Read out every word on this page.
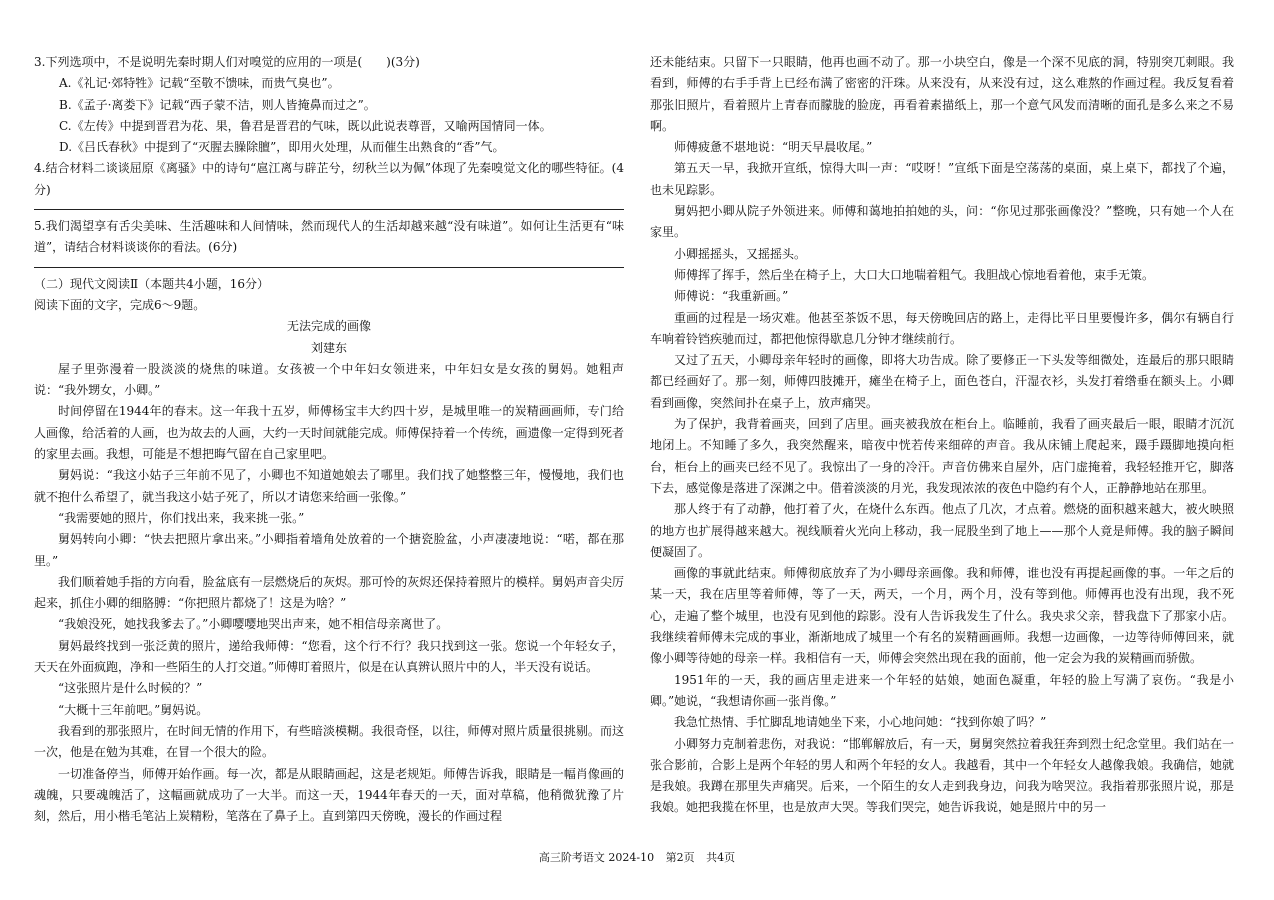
3.下列选项中，不是说明先秦时期人们对嗅觉的应用的一项是(　　)(3分)

A.《礼记·郊特牲》记载“至敬不馈味，而贵气臭也”。

B.《孟子·离娄下》记载“西子蒙不洁，则人皆掩鼻而过之”。

C.《左传》中提到晋君为花、果，鲁君是晋君的气味，既以此说表尊晋，又喻两国情同一体。

D.《吕氏春秋》中提到了“灭腥去臊除膻”，即用火处理，从而催生出熟食的“香”气。

4.结合材料二谈谈屈原《离骚》中的诗句“扈江离与辟芷兮，纫秋兰以为佩”体现了先秦嗅觉文化的哪些特征。(4分)

5.我们渴望享有舌尖美味、生活趣味和人间情味，然而现代人的生活却越来越“没有味道”。如何让生活更有“味道”，请结合材料谈谈你的看法。(6分)

（二）现代文阅读Ⅱ（本题共4小题，16分）

阅读下面的文字，完成6～9题。

无法完成的画像

刘建东

屋子里弥漫着一股淡淡的烧焦的味道。女孩被一个中年妇女领进来，中年妇女是女孩的舅妈。她粗声说：“我外甥女，小卿。”

时间停留在1944年的春末。这一年我十五岁，师傅杨宝丰大约四十岁，是城里唯一的炭精画画师，专门给人画像，给活着的人画，也为故去的人画，大约一天时间就能完成。师傅保持着一个传统，画遗像一定得到死者的家里去画。我想，可能是不想把晦气留在自己家里吧。

舅妈说：“我这小姑子三年前不见了，小卿也不知道她娘去了哪里。我们找了她整整三年，慢慢地，我们也就不抱什么希望了，就当我这小姑子死了，所以才请您来给画一张像。”

“我需要她的照片，你们找出来，我来挑一张。”

舅妈转向小卿：“快去把照片拿出来。”小卿指着墙角处放着的一个搪瓷脸盆，小声凄凄地说：“喏，都在那里。”

我们顺着她手指的方向看，脸盆底有一层燃烧后的灰烬。那可怜的灰烬还保持着照片的模样。舅妈声音尖厉起来，抓住小卿的细胳膊：“你把照片都烧了！这是为啥？”

“我娘没死，她找我爹去了。”小卿嘤嘤地哭出声来，她不相信母亲离世了。

舅妈最终找到一张泛黄的照片，递给我师傅：“您看，这个行不行？我只找到这一张。您说一个年轻女子，天天在外面疯跑，净和一些陌生的人打交道。”师傅盯着照片，似是在认真辨认照片中的人，半天没有说话。

“这张照片是什么时候的？”

“大概十三年前吧。”舅妈说。

我看到的那张照片，在时间无情的作用下，有些暗淡模糊。我很奇怪，以往，师傅对照片质量很挑剔。而这一次，他是在勉为其难，在冒一个很大的险。

一切准备停当，师傅开始作画。每一次，都是从眼睛画起，这是老规矩。师傅告诉我，眼睛是一幅肖像画的魂魄，只要魂魄活了，这幅画就成功了一大半。而这一天，1944年春天的一天，面对草稿，他稍微犹豫了片刻，然后，用小楷毛笔沾上炭精粉，笔落在了鼻子上。直到第四天傍晚，漫长的作画过程

还未能结束。只留下一只眼睛，他再也画不动了。那一小块空白，像是一个深不见底的洞，特别突兀刺眼。我看到，师傅的右手手背上已经布满了密密的汗珠。从来没有，从来没有过，这么难熬的作画过程。我反复看着那张旧照片，看着照片上青春而朦胧的脸庞，再看着素描纸上，那一个意气风发而清晰的面孔是多么来之不易啊。

师傅疲惫不堪地说：“明天早晨收尾。”

第五天一早，我掀开宣纸，惊得大叫一声：“哎呀！”宣纸下面是空荡荡的桌面，桌上桌下，都找了个遍，也未见踪影。

舅妈把小卿从院子外领进来。师傅和蔼地拍拍她的头，问：“你见过那张画像没？”整晚，只有她一个人在家里。

小卿摇摇头，又摇摇头。

师傅挥了挥手，然后坐在椅子上，大口大口地喘着粗气。我胆战心惊地看着他，束手无策。

师傅说：“我重新画。”

重画的过程是一场灾难。他甚至茶饭不思，每天傍晚回店的路上，走得比平日里要慢许多，偶尔有辆自行车响着铃铛疾驰而过，都把他惊得歇息几分钟才继续前行。

又过了五天，小卿母亲年轻时的画像，即将大功告成。除了要修正一下头发等细微处，连最后的那只眼睛都已经画好了。那一刻，师傅四肢摊开，瘫坐在椅子上，面色苍白，汗湿衣衫，头发打着绺垂在额头上。小卿看到画像，突然间扑在桌子上，放声痛哭。

为了保护，我背着画夹，回到了店里。画夹被我放在柜台上。临睡前，我看了画夹最后一眼，眼睛才沉沉地闭上。不知睡了多久，我突然醒来，暗夜中恍若传来细碎的声音。我从床铺上爬起来，蹑手蹑脚地摸向柜台，柜台上的画夹已经不见了。我惊出了一身的冷汗。声音仿佛来自屋外，店门虚掩着，我轻轻推开它，脚落下去，感觉像是落进了深渊之中。借着淡淡的月光，我发现浓浓的夜色中隐约有个人，正静静地站在那里。

那人终于有了动静，他打着了火，在烧什么东西。他点了几次，才点着。燃烧的面积越来越大，被火映照的地方也扩展得越来越大。视线顺着火光向上移动，我一屁股坐到了地上——那个人竟是师傅。我的脑子瞬间便凝固了。

画像的事就此结束。师傅彻底放弃了为小卿母亲画像。我和师傅，谁也没有再提起画像的事。一年之后的某一天，我在店里等着师傅，等了一天，两天，一个月，两个月，没有等到他。师傅再也没有出现，我不死心，走遍了整个城里，也没有见到他的踪影。没有人告诉我发生了什么。我央求父亲，替我盘下了那家小店。我继续着师傅未完成的事业，渐渐地成了城里一个有名的炭精画画师。我想一边画像，一边等待师傅回来，就像小卿等待她的母亲一样。我相信有一天，师傅会突然出现在我的面前，他一定会为我的炭精画而骄傲。

1951年的一天，我的画店里走进来一个年轻的姑娘，她面色凝重，年轻的脸上写满了哀伤。“我是小卿。”她说，“我想请你画一张肖像。”

我急忙热情、手忙脚乱地请她坐下来，小心地问她：“找到你娘了吗？”

小卿努力克制着悲伤，对我说：“邯郸解放后，有一天，舅舅突然拉着我狂奔到烈士纪念堂里。我们站在一张合影前，合影上是两个年轻的男人和两个年轻的女人。我越看，其中一个年轻女人越像我娘。我确信，她就是我娘。我蹲在那里失声痛哭。后来，一个陌生的女人走到我身边，问我为啥哭泣。我指着那张照片说，那是我娘。她把我揽在怀里，也是放声大哭。等我们哭完，她告诉我说，她是照片中的另一

高三阶考语文 2024-10 第2页 共4页
